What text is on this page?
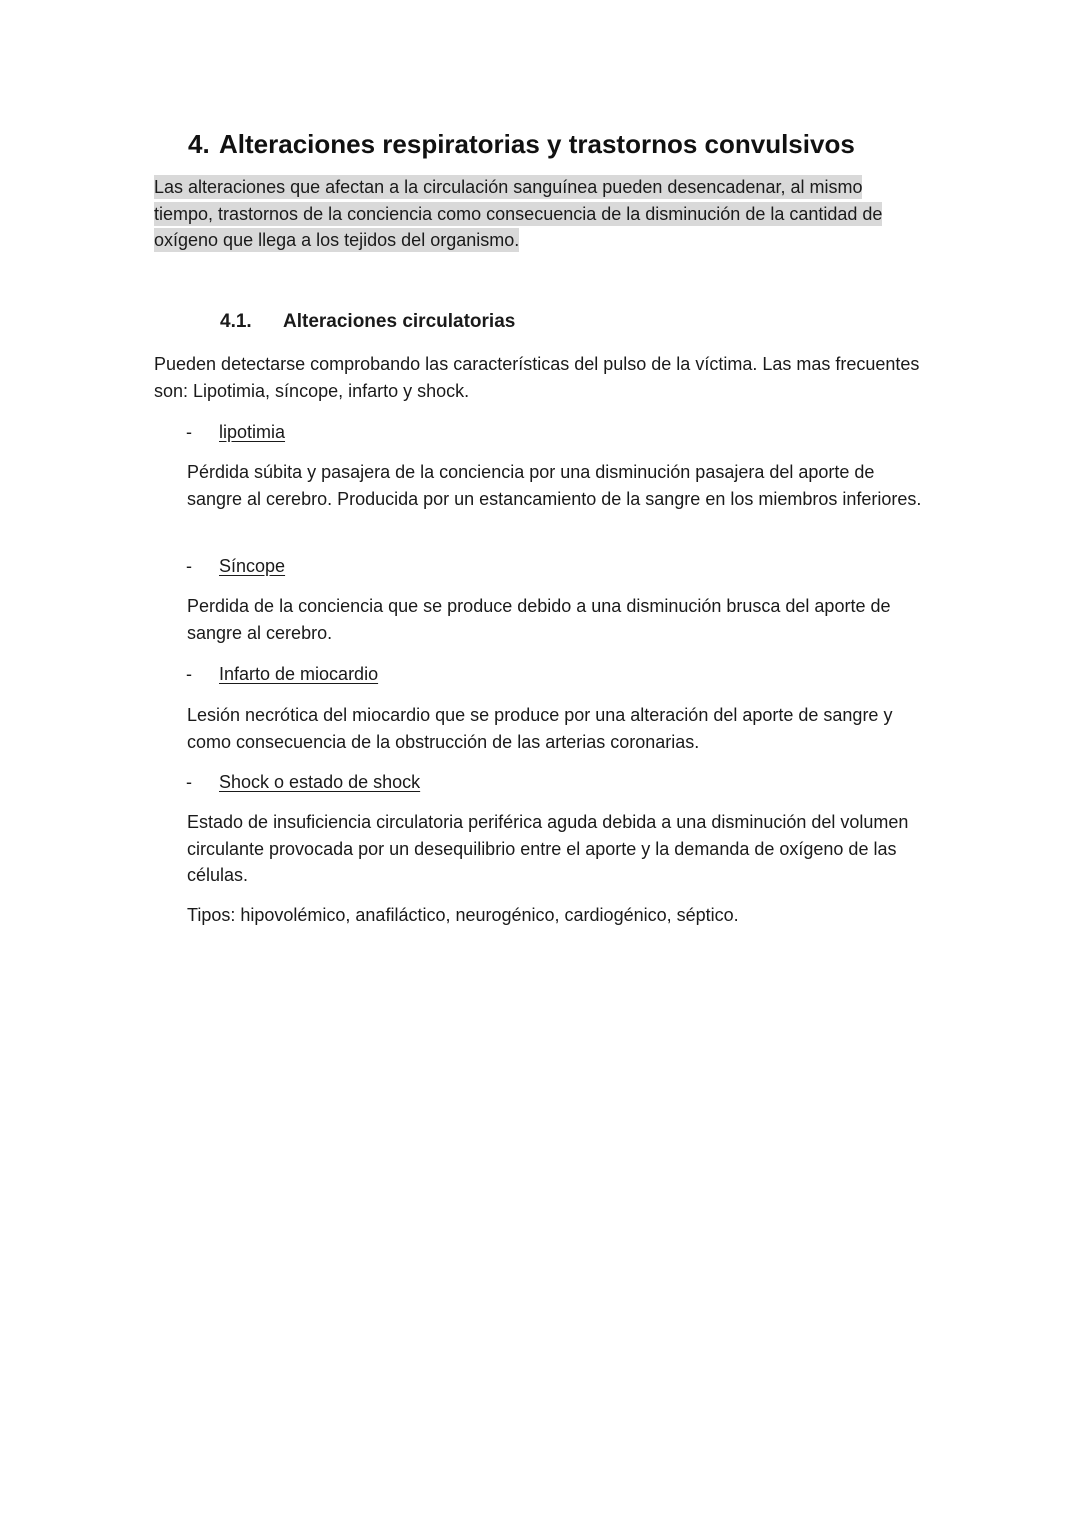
4. Alteraciones respiratorias y trastornos convulsivos

Las alteraciones que afectan a la circulación sanguínea pueden desencadenar, al mismo tiempo, trastornos de la conciencia como consecuencia de la disminución de la cantidad de oxígeno que llega a los tejidos del organismo.

4.1. Alteraciones circulatorias

Pueden detectarse comprobando las características del pulso de la víctima. Las mas frecuentes son: Lipotimia, síncope, infarto y shock.

- lipotimia

Pérdida súbita y pasajera de la conciencia por una disminución pasajera del aporte de sangre al cerebro. Producida por un estancamiento de la sangre en los miembros inferiores.

- Síncope

Perdida de la conciencia que se produce debido a una disminución brusca del aporte de sangre al cerebro.

- Infarto de miocardio

Lesión necrótica del miocardio que se produce por una alteración del aporte de sangre y como consecuencia de la obstrucción de las arterias coronarias.

- Shock o estado de shock

Estado de insuficiencia circulatoria periférica aguda debida a una disminución del volumen circulante provocada por un desequilibrio entre el aporte y la demanda de oxígeno de las células.

Tipos: hipovolémico, anafiláctico, neurogénico, cardiogénico, séptico.
